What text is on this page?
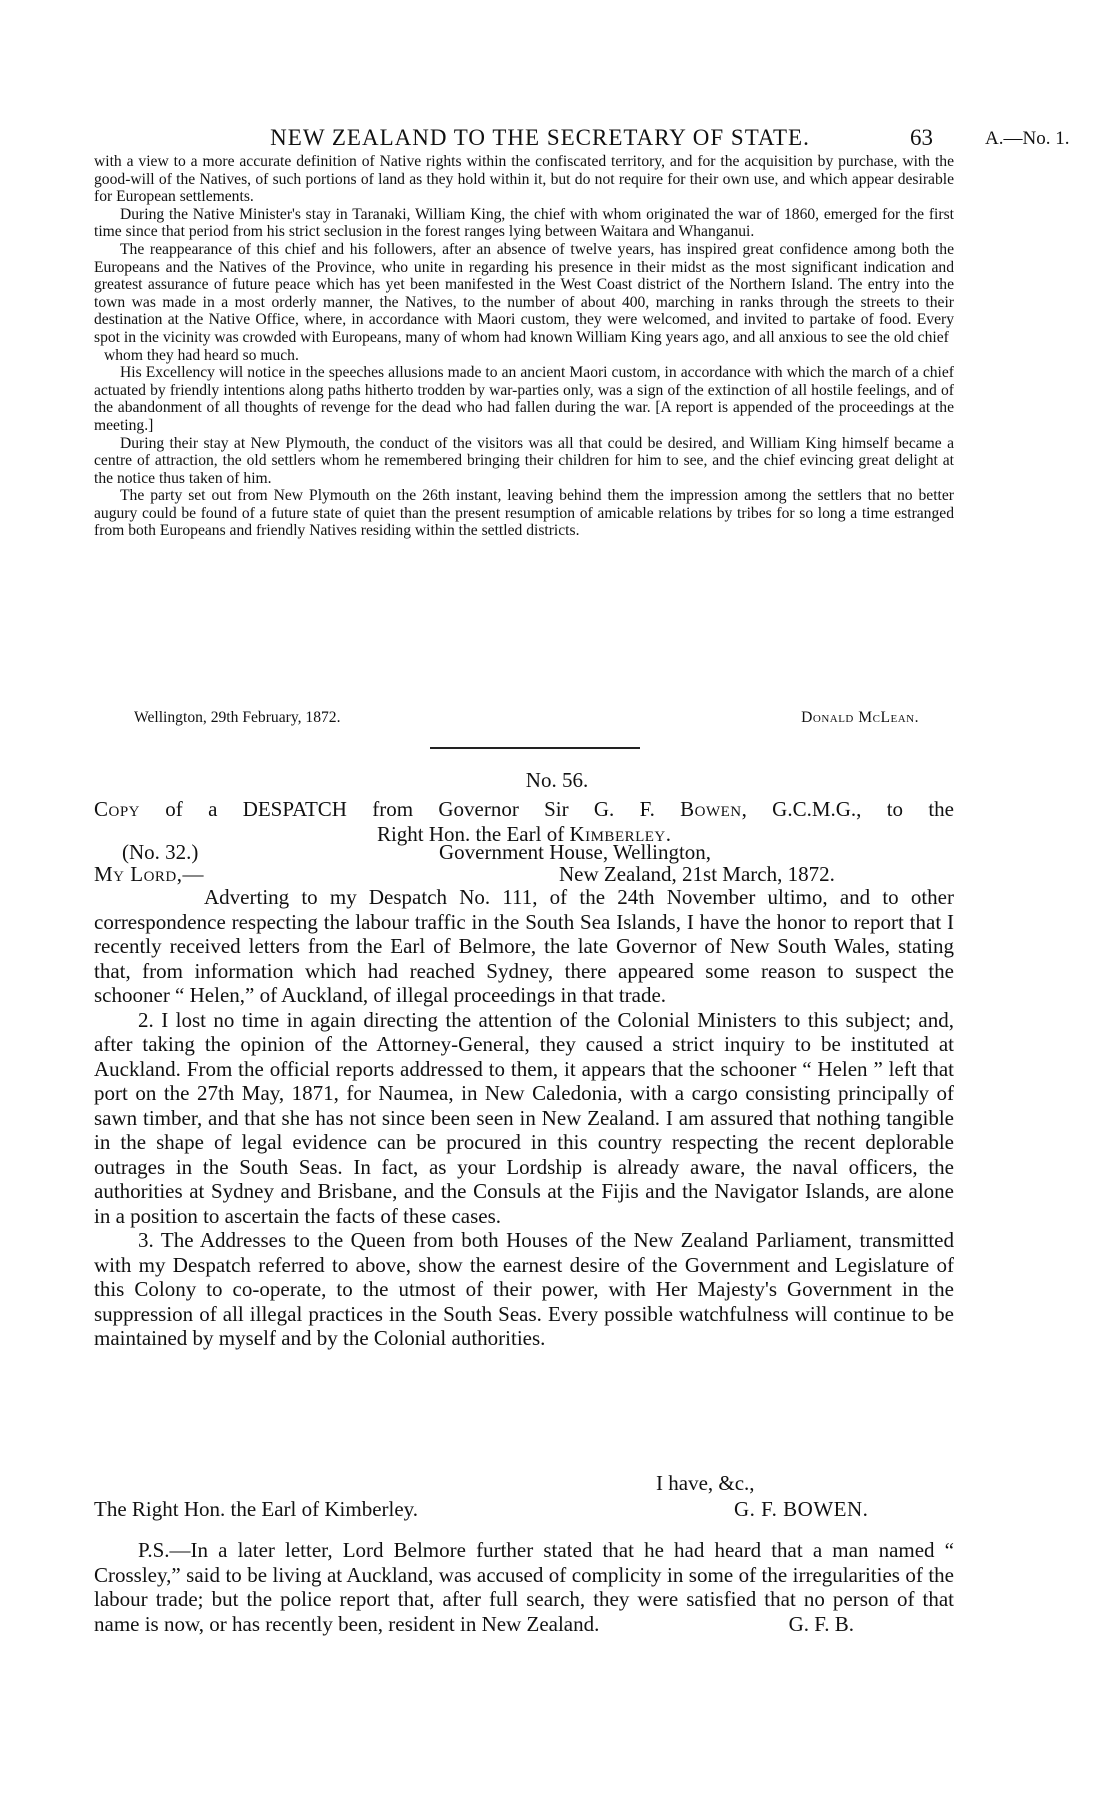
NEW ZEALAND TO THE SECRETARY OF STATE.	63	A.—No. 1.

with a view to a more accurate definition of Native rights within the confiscated territory, and for the acquisition by purchase, with the good-will of the Natives, of such portions of land as they hold within it, but do not require for their own use, and which appear desirable for European settlements.

During the Native Minister's stay in Taranaki, William King, the chief with whom originated the war of 1860, emerged for the first time since that period from his strict seclusion in the forest ranges lying between Waitara and Whanganui.

The reappearance of this chief and his followers, after an absence of twelve years, has inspired great confidence among both the Europeans and the Natives of the Province, who unite in regarding his presence in their midst as the most significant indication and greatest assurance of future peace which has yet been manifested in the West Coast district of the Northern Island. The entry into the town was made in a most orderly manner, the Natives, to the number of about 400, marching in ranks through the streets to their destination at the Native Office, where, in accordance with Maori custom, they were welcomed, and invited to partake of food. Every spot in the vicinity was crowded with Europeans, many of whom had known William King years ago, and all anxious to see the old chief

whom they had heard so much.

His Excellency will notice in the speeches allusions made to an ancient Maori custom, in accordance with which the march of a chief actuated by friendly intentions along paths hitherto trodden by war-parties only, was a sign of the extinction of all hostile feelings, and of the abandonment of all thoughts of revenge for the dead who had fallen during the war. [A report is appended of the proceedings at the meeting.]

During their stay at New Plymouth, the conduct of the visitors was all that could be desired, and William King himself became a centre of attraction, the old settlers whom he remembered bringing their children for him to see, and the chief evincing great delight at the notice thus taken of him.

The party set out from New Plymouth on the 26th instant, leaving behind them the impression among the settlers that no better augury could be found of a future state of quiet than the present resumption of amicable relations by tribes for so long a time estranged from both Europeans and friendly Natives residing within the settled districts.

Wellington, 29th February, 1872.	Donald McLean.
No. 56.
Copy of a DESPATCH from Governor Sir G. F. Bowen, G.C.M.G., to the
Right Hon. the Earl of Kimberley.
(No. 32.)	Government House, Wellington,
My Lord,—	New Zealand, 21st March, 1872.

Adverting to my Despatch No. 111, of the 24th November ultimo, and to other correspondence respecting the labour traffic in the South Sea Islands, I have the honor to report that I recently received letters from the Earl of Belmore, the late Governor of New South Wales, stating that, from information which had reached Sydney, there appeared some reason to suspect the schooner “ Helen,” of Auckland, of illegal proceedings in that trade.

2. I lost no time in again directing the attention of the Colonial Ministers to this subject; and, after taking the opinion of the Attorney-General, they caused a strict inquiry to be instituted at Auckland. From the official reports addressed to them, it appears that the schooner “ Helen ” left that port on the 27th May, 1871, for Naumea, in New Caledonia, with a cargo consisting principally of sawn timber, and that she has not since been seen in New Zealand. I am assured that nothing tangible in the shape of legal evidence can be procured in this country respecting the recent deplorable outrages in the South Seas. In fact, as your Lordship is already aware, the naval officers, the authorities at Sydney and Brisbane, and the Consuls at the Fijis and the Navigator Islands, are alone in a position to ascertain the facts of these cases.

3. The Addresses to the Queen from both Houses of the New Zealand Parliament, transmitted with my Despatch referred to above, show the earnest desire of the Government and Legislature of this Colony to co-operate, to the utmost of their power, with Her Majesty's Government in the suppression of all illegal practices in the South Seas. Every possible watchfulness will continue to be maintained by myself and by the Colonial authorities.

I have, &c.,
The Right Hon. the Earl of Kimberley.	G. F. BOWEN.

P.S.—In a later letter, Lord Belmore further stated that he had heard that a man named “ Crossley,” said to be living at Auckland, was accused of complicity in some of the irregularities of the labour trade; but the police report that, after full search, they were satisfied that no person of that name is now, or has recently been, resident in New Zealand.	G. F. B.
